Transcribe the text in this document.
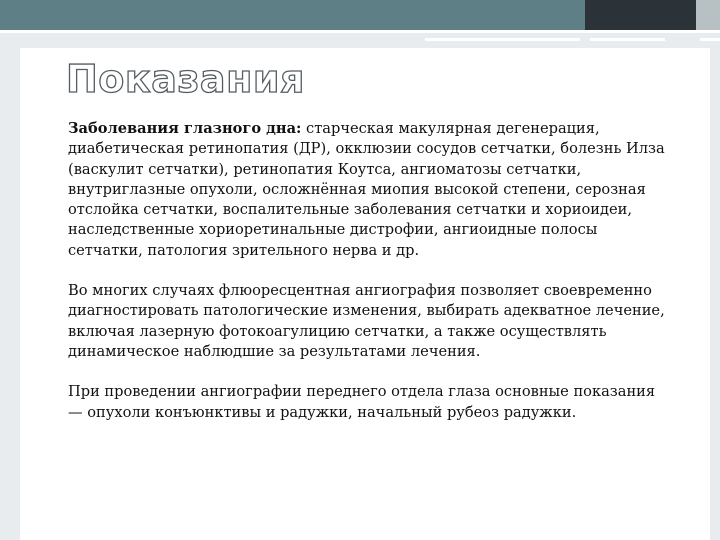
Показания

Заболевания глазного дна: старческая макулярная дегенерация, диабетическая ретинопатия (ДР), окклюзии сосудов сетчатки, болезнь Илза (васкулит сетчатки), ретинопатия Коутса, ангиоматозы сетчатки, внутриглазные опухоли, осложнённая миопия высокой степени, серозная отслойка сетчатки, воспалительные заболевания сетчатки и хориоидеи, наследственные хориоретинальные дистрофии, ангиоидные полосы сетчатки, патология зрительного нерва и др.

Во многих случаях флюоресцентная ангиография позволяет своевременно диагностировать патологические изменения, выбирать адекватное лечение, включая лазерную фотокоагулицию сетчатки, а также осуществлять динамическое наблюдшие за результатами лечения.

При проведении ангиографии переднего отдела глаза основные показания — опухоли конъюнктивы и радужки, начальный рубеоз радужки.
